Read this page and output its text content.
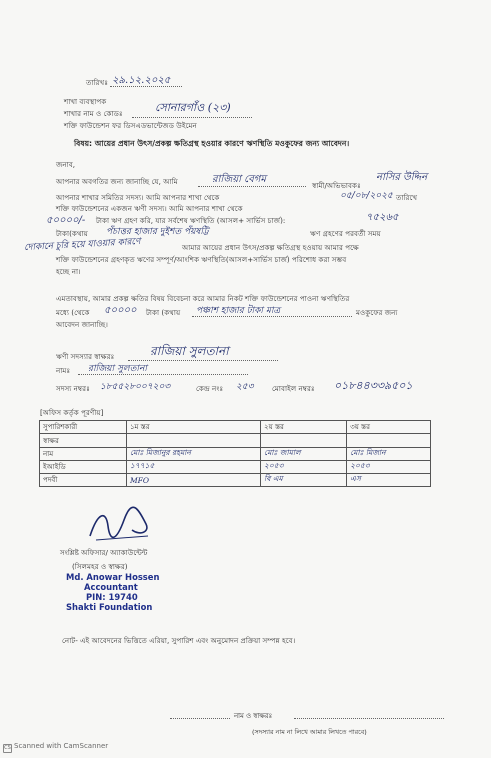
তারিখঃ ২৯.১২.২০২৫
শাখা ব্যবস্থাপক
শাখার নাম ও কোডঃ	সোনারগাঁও (২৩)
শক্তি ফাউন্ডেশন ফর ডিসএডভান্টেজড উইমেন
বিষয়: আয়ের প্রধান উৎস/প্রকল্প ক্ষতিগ্রস্থ হওয়ার কারণে ঋণস্থিতি মওকুফের জন্য আবেদন।
জনাব,
আপনার অবগতির জন্য জানাচ্ছি যে, আমি	রাজিয়া বেগম
স্বামী/অভিভাবকঃ
নাসির উদ্দিন
আপনার শাখার সমিতির সদস্য। আমি আপনার শাখা থেকে	০৫/০৮/২০২৫ তারিখে
শক্তি ফাউন্ডেশনের একজন ঋণী সদস্য। আমি আপনার শাখা থেকে
৫০০০০/- টাকা ঋণ গ্রহণ করি, যার সর্বশেষ ঋণস্থিতি (আসল+ সার্ভিস চার্জ):	৭৫২৬৫
টাকা(কথায় পঁচাত্তর হাজার দুইশত পঁয়ষট্টি	ঋণ গ্রহণের পরবর্তী সময়
দোকানে চুরি হয়ে যাওয়ার কারণে	আমার আয়ের প্রধান উৎস/প্রকল্প ক্ষতিগ্রস্থ হওয়ায় আমার পক্ষে
শক্তি ফাউন্ডেশনের গ্রহণকৃত ঋণের সম্পূর্ণ/আংশিক ঋণস্থিতি(আসল+সার্ভিস চার্জ) পরিশোধ করা সম্ভব
হচ্ছে না।
এমতাবস্থায়, আমার প্রকল্প ক্ষতির বিষয় বিবেচনা করে আমার নিকট শক্তি ফাউন্ডেশনের পাওনা ঋণস্থিতির
মধ্যে (থেকে ৫০০০০ টাকা (কথায় পঞ্চাশ হাজার টাকা মাত্র	মওকুফের জন্য
আবেদন জানাচ্ছি।
ঋণী সদস্যার স্বাক্ষরঃ	রাজিয়া সুলতানা
নামঃ রাজিয়া সুলতানা
সদস্য নম্বরঃ ১৮৫৫২৮০০৭২০৩	কেন্দ্র নংঃ ২৫৩	মোবাইল নম্বরঃ ০১৮৪৪৩৩৯৫০১
[অফিস কর্তৃক পূরণীয়]
সুপারিশকারী	১ম স্তর	২য় স্তর	৩য় স্তর
স্বাক্ষর			
নাম	মোঃ মিজানুর রহমান	মোঃ জামাল	মোঃ মিজান
ইআইডি	১৭৭১৫	২০৫৩	২০৫৩
পদবী	MFO	বি এম	এস
সংশ্লিষ্ট অফিসার/ অ্যাকাউন্টেন্ট
(সিলমহর ও স্বাক্ষর)
Md. Anowar Hossen
Accountant
PIN: 19740
Shakti Foundation
নোট- এই আবেদনের ভিত্তিতে এরিয়া, সুপারিশ এবং অনুমোদন প্রক্রিয়া সম্পন্ন হবে।
নাম ও স্বাক্ষরঃ
(সদস্যার নাম না লিখে আমার লিখতে পারবে)
CS Scanned with CamScanner
